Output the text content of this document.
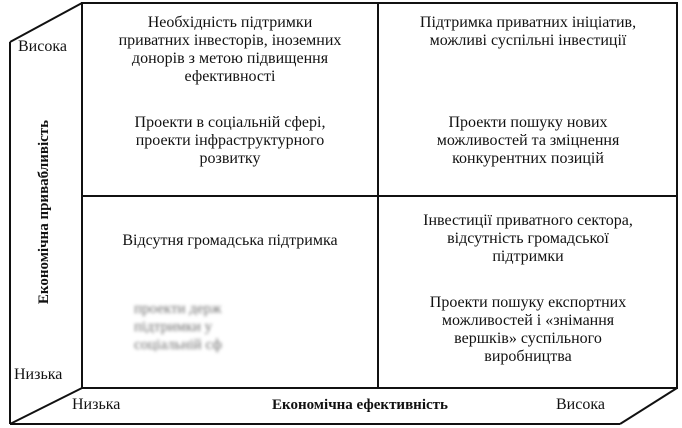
Висока
Низька
Економічна привабливість
Низька	Економічна ефективність	Висока
Необхідність підтримки
приватних інвесторів, іноземних
донорів з метою підвищення
ефективності
Проекти в соціальній сфері,
проекти інфраструктурного
розвитку
Підтримка приватних ініціатив,
можливі суспільні інвестиції
Проекти пошуку нових
можливостей та зміцнення
конкурентних позицій
Відсутня громадська підтримка
проекти держ
підтримки у
соціальній сф
Інвестиції приватного сектора,
відсутність громадської
підтримки
Проекти пошуку експортних
можливостей і «знімання
вершків» суспільного
виробництва
